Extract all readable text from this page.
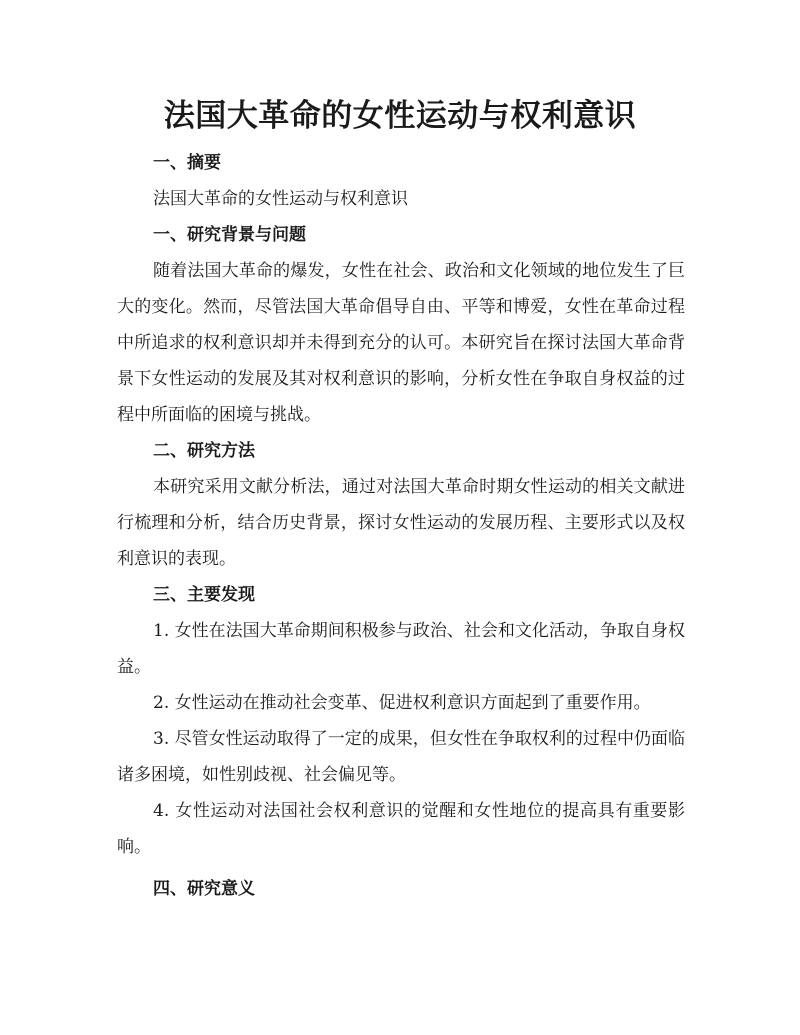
法国大革命的女性运动与权利意识
一、摘要

法国大革命的女性运动与权利意识

一、研究背景与问题

随着法国大革命的爆发，女性在社会、政治和文化领域的地位发生了巨大的变化。然而，尽管法国大革命倡导自由、平等和博爱，女性在革命过程中所追求的权利意识却并未得到充分的认可。本研究旨在探讨法国大革命背景下女性运动的发展及其对权利意识的影响，分析女性在争取自身权益的过程中所面临的困境与挑战。

二、研究方法

本研究采用文献分析法，通过对法国大革命时期女性运动的相关文献进行梳理和分析，结合历史背景，探讨女性运动的发展历程、主要形式以及权利意识的表现。

三、主要发现

1. 女性在法国大革命期间积极参与政治、社会和文化活动，争取自身权益。

2. 女性运动在推动社会变革、促进权利意识方面起到了重要作用。

3. 尽管女性运动取得了一定的成果，但女性在争取权利的过程中仍面临诸多困境，如性别歧视、社会偏见等。

4. 女性运动对法国社会权利意识的觉醒和女性地位的提高具有重要影响。

四、研究意义
